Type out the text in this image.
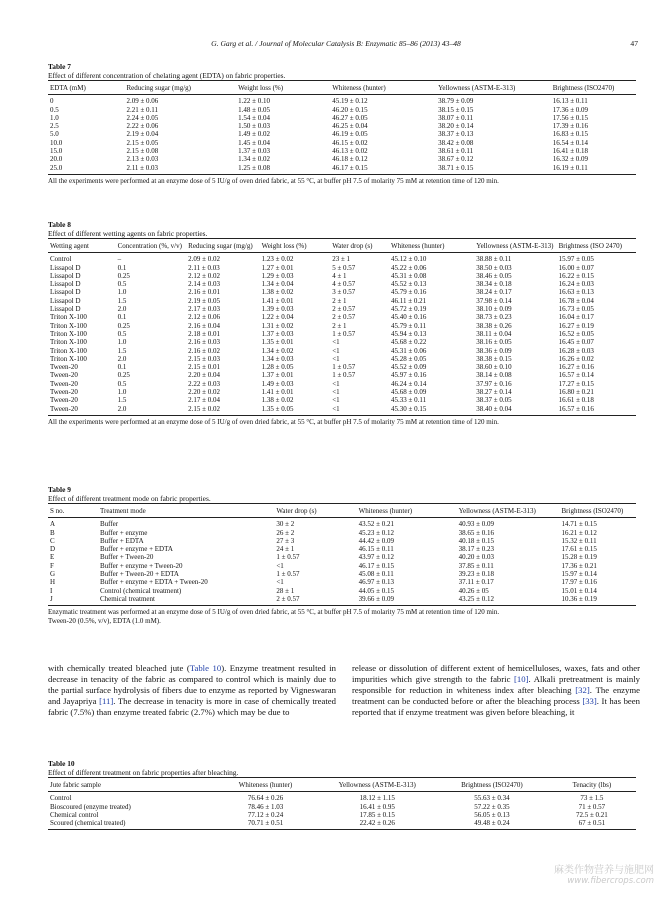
G. Garg et al. / Journal of Molecular Catalysis B: Enzymatic 85–86 (2013) 43–48	47
Table 7
Effect of different concentration of chelating agent (EDTA) on fabric properties.
EDTA (mM)	Reducing sugar (mg/g)	Weight loss (%)	Whiteness (hunter)	Yellowness (ASTM-E-313)	Brightness (ISO2470)
0	2.09 ± 0.06	1.22 ± 0.10	45.19 ± 0.12	38.79 ± 0.09	16.13 ± 0.11
0.5	2.21 ± 0.11	1.48 ± 0.05	46.20 ± 0.15	38.15 ± 0.15	17.36 ± 0.09
1.0	2.24 ± 0.05	1.54 ± 0.04	46.27 ± 0.05	38.07 ± 0.11	17.56 ± 0.15
2.5	2.22 ± 0.06	1.50 ± 0.03	46.25 ± 0.04	38.20 ± 0.14	17.39 ± 0.16
5.0	2.19 ± 0.04	1.49 ± 0.02	46.19 ± 0.05	38.37 ± 0.13	16.83 ± 0.15
10.0	2.15 ± 0.05	1.45 ± 0.04	46.15 ± 0.02	38.42 ± 0.08	16.54 ± 0.14
15.0	2.15 ± 0.08	1.37 ± 0.03	46.13 ± 0.02	38.61 ± 0.11	16.41 ± 0.18
20.0	2.13 ± 0.03	1.34 ± 0.02	46.18 ± 0.12	38.67 ± 0.12	16.32 ± 0.09
25.0	2.11 ± 0.03	1.25 ± 0.08	46.17 ± 0.15	38.71 ± 0.15	16.19 ± 0.11
All the experiments were performed at an enzyme dose of 5 IU/g of oven dried fabric, at 55 °C, at buffer pH 7.5 of molarity 75 mM at retention time of 120 min.
Table 8
Effect of different wetting agents on fabric properties.
Wetting agent	Concentration (%, v/v)	Reducing sugar (mg/g)	Weight loss (%)	Water drop (s)	Whiteness (hunter)	Yellowness (ASTM-E-313)	Brightness (ISO 2470)
Control	–	2.09 ± 0.02	1.23 ± 0.02	23 ± 1	45.12 ± 0.10	38.88 ± 0.11	15.97 ± 0.05
Lissapol D	0.1	2.11 ± 0.03	1.27 ± 0.01	5 ± 0.57	45.22 ± 0.06	38.50 ± 0.03	16.00 ± 0.07
Lissapol D	0.25	2.12 ± 0.02	1.29 ± 0.03	4 ± 1	45.31 ± 0.08	38.46 ± 0.05	16.22 ± 0.15
Lissapol D	0.5	2.14 ± 0.03	1.34 ± 0.04	4 ± 0.57	45.52 ± 0.13	38.34 ± 0.18	16.24 ± 0.03
Lissapol D	1.0	2.16 ± 0.01	1.38 ± 0.02	3 ± 0.57	45.79 ± 0.16	38.24 ± 0.17	16.63 ± 0.13
Lissapol D	1.5	2.19 ± 0.05	1.41 ± 0.01	2 ± 1	46.11 ± 0.21	37.98 ± 0.14	16.78 ± 0.04
Lissapol D	2.0	2.17 ± 0.03	1.39 ± 0.03	2 ± 0.57	45.72 ± 0.19	38.10 ± 0.09	16.73 ± 0.05
Triton X-100	0.1	2.12 ± 0.06	1.22 ± 0.04	2 ± 0.57	45.40 ± 0.16	38.73 ± 0.23	16.04 ± 0.17
Triton X-100	0.25	2.16 ± 0.04	1.31 ± 0.02	2 ± 1	45.79 ± 0.11	38.38 ± 0.26	16.27 ± 0.19
Triton X-100	0.5	2.18 ± 0.01	1.37 ± 0.03	1 ± 0.57	45.94 ± 0.13	38.11 ± 0.04	16.52 ± 0.05
Triton X-100	1.0	2.16 ± 0.03	1.35 ± 0.01	<1	45.68 ± 0.22	38.16 ± 0.05	16.45 ± 0.07
Triton X-100	1.5	2.16 ± 0.02	1.34 ± 0.02	<1	45.31 ± 0.06	38.36 ± 0.09	16.28 ± 0.03
Triton X-100	2.0	2.15 ± 0.03	1.34 ± 0.03	<1	45.28 ± 0.05	38.38 ± 0.15	16.26 ± 0.02
Tween-20	0.1	2.15 ± 0.01	1.28 ± 0.05	1 ± 0.57	45.52 ± 0.09	38.60 ± 0.10	16.27 ± 0.16
Tween-20	0.25	2.20 ± 0.04	1.37 ± 0.01	1 ± 0.57	45.97 ± 0.16	38.14 ± 0.08	16.57 ± 0.14
Tween-20	0.5	2.22 ± 0.03	1.49 ± 0.03	<1	46.24 ± 0.14	37.97 ± 0.16	17.27 ± 0.15
Tween-20	1.0	2.20 ± 0.02	1.41 ± 0.01	<1	45.68 ± 0.09	38.27 ± 0.14	16.80 ± 0.21
Tween-20	1.5	2.17 ± 0.04	1.38 ± 0.02	<1	45.33 ± 0.11	38.37 ± 0.05	16.61 ± 0.18
Tween-20	2.0	2.15 ± 0.02	1.35 ± 0.05	<1	45.30 ± 0.15	38.40 ± 0.04	16.57 ± 0.16
All the experiments were performed at an enzyme dose of 5 IU/g of oven dried fabric, at 55 °C, at buffer pH 7.5 of molarity 75 mM at retention time of 120 min.
Table 9
Effect of different treatment mode on fabric properties.
S no.	Treatment mode	Water drop (s)	Whiteness (hunter)	Yellowness (ASTM-E-313)	Brightness (ISO2470)
A	Buffer	30 ± 2	43.52 ± 0.21	40.93 ± 0.09	14.71 ± 0.15
B	Buffer + enzyme	26 ± 2	45.23 ± 0.12	38.65 ± 0.16	16.21 ± 0.12
C	Buffer + EDTA	27 ± 3	44.42 ± 0.09	40.18 ± 0.15	15.32 ± 0.11
D	Buffer + enzyme + EDTA	24 ± 1	46.15 ± 0.11	38.17 ± 0.23	17.61 ± 0.15
E	Buffer + Tween-20	1 ± 0.57	43.97 ± 0.12	40.20 ± 0.03	15.28 ± 0.19
F	Buffer + enzyme + Tween-20	<1	46.17 ± 0.15	37.85 ± 0.11	17.36 ± 0.21
G	Buffer + Tween-20 + EDTA	1 ± 0.57	45.08 ± 0.11	39.23 ± 0.18	15.97 ± 0.14
H	Buffer + enzyme + EDTA + Tween-20	<1	46.97 ± 0.13	37.11 ± 0.17	17.97 ± 0.16
I	Control (chemical treatment)	28 ± 1	44.05 ± 0.15	40.26 ± 05	15.01 ± 0.14
J	Chemical treatment	2 ± 0.57	39.66 ± 0.09	43.25 ± 0.12	10.36 ± 0.19
Enzymatic treatment was performed at an enzyme dose of 5 IU/g of oven dried fabric, at 55 °C, at buffer pH 7.5 of molarity 75 mM at retention time of 120 min.
Tween-20 (0.5%, v/v), EDTA (1.0 mM).
with chemically treated bleached jute (Table 10). Enzyme treatment resulted in decrease in tenacity of the fabric as compared to control which is mainly due to the partial surface hydrolysis of fibers due to enzyme as reported by Vigneswaran and Jayapriya [11]. The decrease in tenacity is more in case of chemically treated fabric (7.5%) than enzyme treated fabric (2.7%) which may be due to
release or dissolution of different extent of hemicelluloses, waxes, fats and other impurities which give strength to the fabric [10]. Alkali pretreatment is mainly responsible for reduction in whiteness index after bleaching [32]. The enzyme treatment can be conducted before or after the bleaching process [33]. It has been reported that if enzyme treatment was given before bleaching, it
Table 10
Effect of different treatment on fabric properties after bleaching.
Jute fabric sample	Whiteness (hunter)	Yellowness (ASTM-E-313)	Brightness (ISO2470)	Tenacity (lbs)
Control	76.64 ± 0.26	18.12 ± 1.15	55.63 ± 0.34	73 ± 1.5
Bioscoured (enzyme treated)	78.46 ± 1.03	16.41 ± 0.95	57.22 ± 0.35	71 ± 0.57
Chemical control	77.12 ± 0.24	17.85 ± 0.15	56.05 ± 0.13	72.5 ± 0.21
Scoured (chemical treated)	70.71 ± 0.51	22.42 ± 0.26	49.48 ± 0.24	67 ± 0.51
麻类作物营养与施肥网
www.fibercrops.com
